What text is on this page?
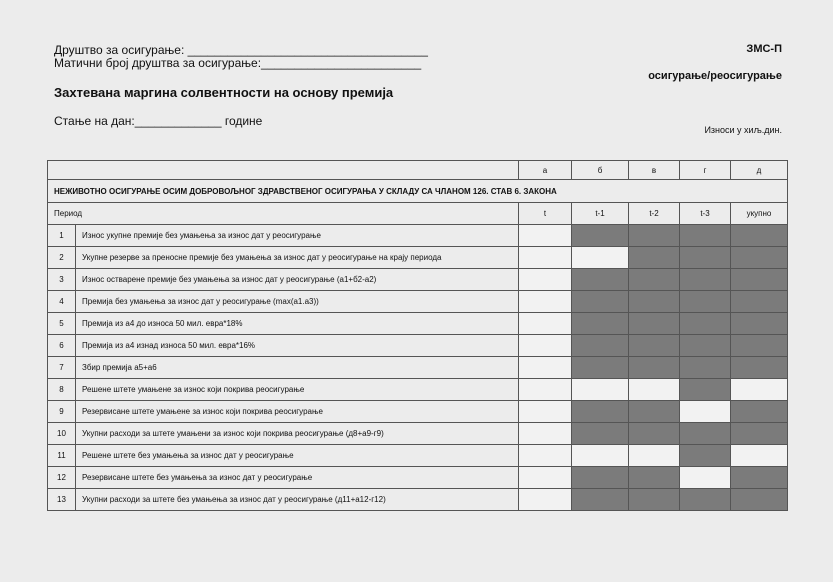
Друштво за осигурање: ____________________________________
Матични број друштва за осигурање:________________________
ЗМС-П
осигурање/реосигурање
Захтевана маргина солвентности на основу премија
Стање на дан:_____________ године
Износи у хиљ.дин.
		а	б	в	г	д
НЕЖИВОТНО ОСИГУРАЊЕ ОСИМ ДОБРОВОЉНОГ ЗДРАВСТВЕНОГ ОСИГУРАЊА У СКЛАДУ СА ЧЛАНОМ 126. СТАВ 6. ЗАКОНА						
Период		t	t-1	t-2	t-3	укупно
1	Износ укупне премије без умањења за износ дат у реосигурање					
2	Укупне резерве за преносне премије без умањења за износ дат у реосигурање на крају периода					
3	Износ остварене премије без умањења за износ дат у реосигурање (а1+б2-а2)					
4	Премија без умањења за износ дат у реосигурање (max(a1.a3))					
5	Премија из а4 до износа 50 мил. евра*18%					
6	Премија из а4 изнад износа 50 мил. евра*16%					
7	Збир премија а5+а6					
8	Решене штете умањене за износ који покрива реосигурање					
9	Резервисане штете умањене за износ који покрива реосигурање					
10	Укупни расходи за штете умањени за износ који покрива реосигурање (д8+а9-г9)					
11	Решене штете без умањења за износ дат у реосигурање					
12	Резервисане штете без умањења за износ дат у реосигурање					
13	Укупни расходи за штете без умањења за износ дат у реосигурање (д11+а12-г12)					
